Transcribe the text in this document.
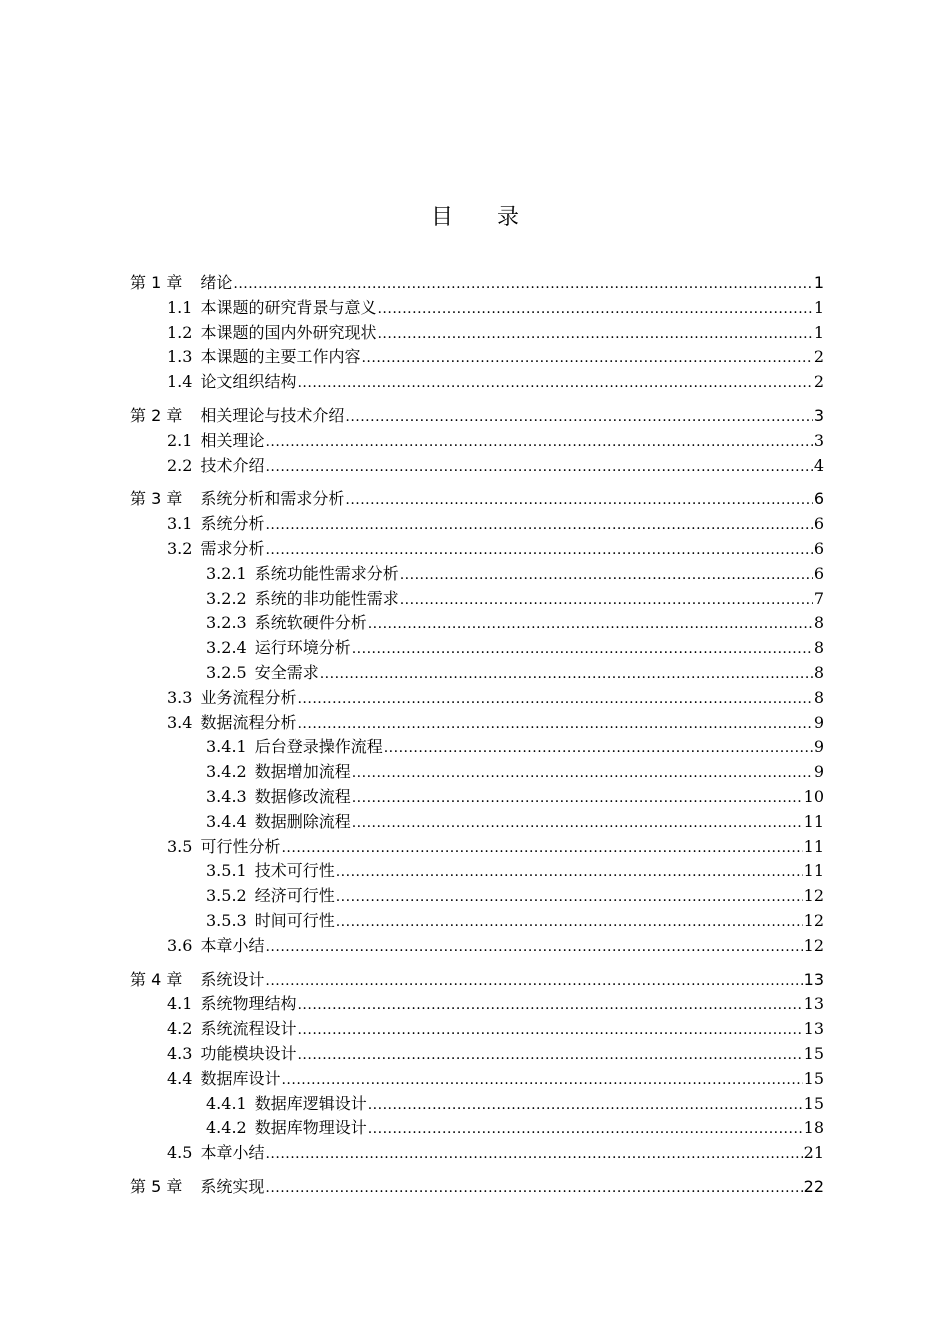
目录
第 1 章 绪论 .....	1
1.1 本课题的研究背景与意义 .....	1
1.2 本课题的国内外研究现状 .....	1
1.3 本课题的主要工作内容 .....	2
1.4 论文组织结构 .....	2
第 2 章 相关理论与技术介绍 .....	3
2.1 相关理论 .....	3
2.2 技术介绍 .....	4
第 3 章 系统分析和需求分析 .....	6
3.1 系统分析 .....	6
3.2 需求分析 .....	6
3.2.1 系统功能性需求分析 .....	6
3.2.2 系统的非功能性需求 .....	7
3.2.3 系统软硬件分析 .....	8
3.2.4 运行环境分析 .....	8
3.2.5 安全需求 .....	8
3.3 业务流程分析 .....	8
3.4 数据流程分析 .....	9
3.4.1 后台登录操作流程 .....	9
3.4.2 数据增加流程 .....	9
3.4.3 数据修改流程 .....	10
3.4.4 数据删除流程 .....	11
3.5 可行性分析 .....	11
3.5.1 技术可行性 .....	11
3.5.2 经济可行性 .....	12
3.5.3 时间可行性 .....	12
3.6 本章小结 .....	12
第 4 章 系统设计 .....	13
4.1 系统物理结构 .....	13
4.2 系统流程设计 .....	13
4.3 功能模块设计 .....	15
4.4 数据库设计 .....	15
4.4.1 数据库逻辑设计 .....	15
4.4.2 数据库物理设计 .....	18
4.5 本章小结 .....	21
第 5 章 系统实现 .....	22
